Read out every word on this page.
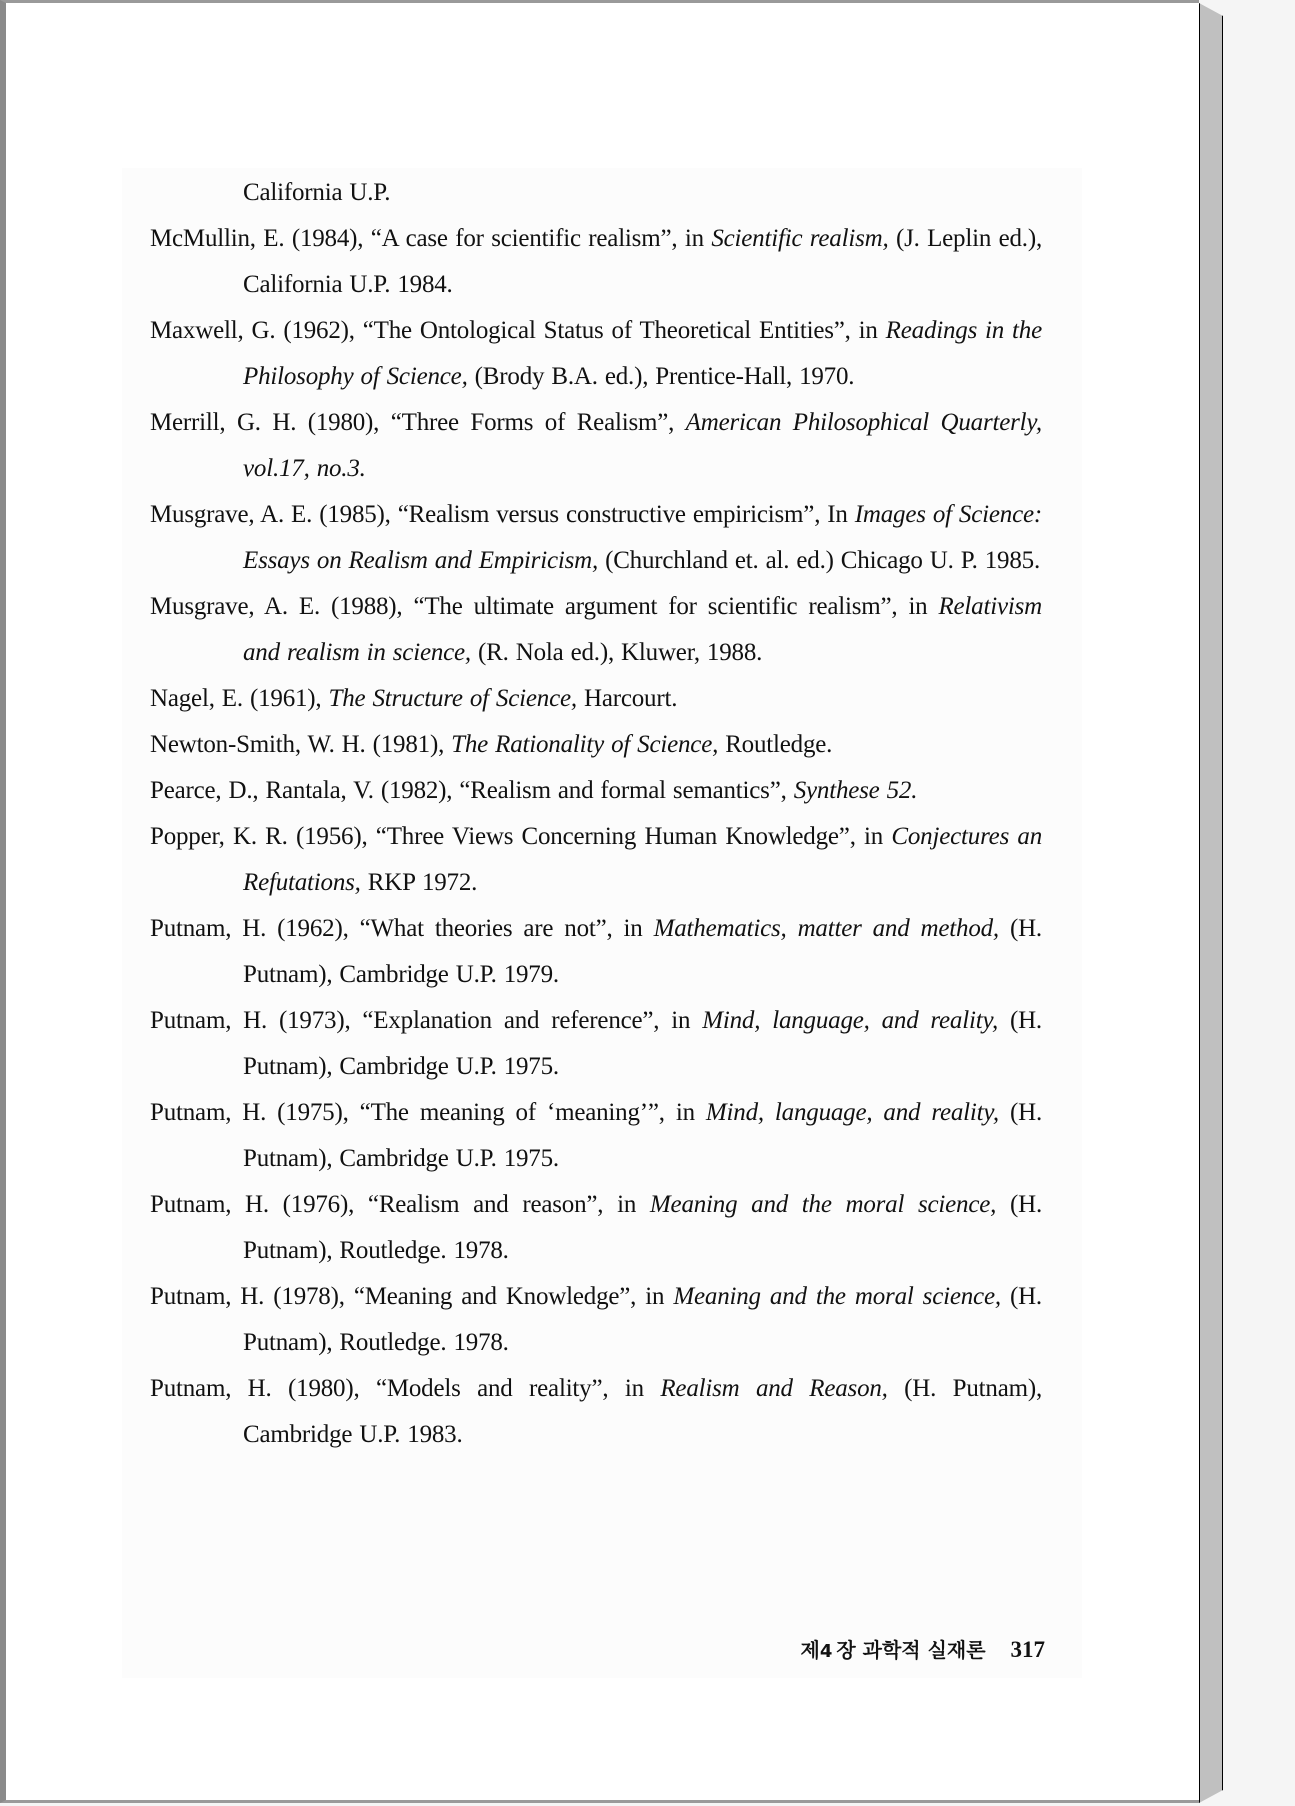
California U.P.

McMullin, E. (1984), “A case for scientific realism”, in Scientific realism, (J. Leplin ed.), California U.P. 1984.

Maxwell, G. (1962), “The Ontological Status of Theoretical Entities”, in Readings in the Philosophy of Science, (Brody B.A. ed.), Prentice-Hall, 1970.

Merrill, G. H. (1980), “Three Forms of Realism”, American Philosophical Quarterly, vol.17, no.3.

Musgrave, A. E. (1985), “Realism versus constructive empiricism”, In Images of Science: Essays on Realism and Empiricism, (Churchland et. al. ed.) Chicago U. P. 1985.

Musgrave, A. E. (1988), “The ultimate argument for scientific realism”, in Relativism and realism in science, (R. Nola ed.), Kluwer, 1988.

Nagel, E. (1961), The Structure of Science, Harcourt.

Newton-Smith, W. H. (1981), The Rationality of Science, Routledge.

Pearce, D., Rantala, V. (1982), “Realism and formal semantics”, Synthese 52.

Popper, K. R. (1956), “Three Views Concerning Human Knowledge”, in Conjectures an Refutations, RKP 1972.

Putnam, H. (1962), “What theories are not”, in Mathematics, matter and method, (H. Putnam), Cambridge U.P. 1979.

Putnam, H. (1973), “Explanation and reference”, in Mind, language, and reality, (H. Putnam), Cambridge U.P. 1975.

Putnam, H. (1975), “The meaning of ‘meaning’”, in Mind, language, and reality, (H. Putnam), Cambridge U.P. 1975.

Putnam, H. (1976), “Realism and reason”, in Meaning and the moral science, (H. Putnam), Routledge. 1978.

Putnam, H. (1978), “Meaning and Knowledge”, in Meaning and the moral science, (H. Putnam), Routledge. 1978.

Putnam, H. (1980), “Models and reality”, in Realism and Reason, (H. Putnam), Cambridge U.P. 1983.

제4  장 과학적 실재론 317
